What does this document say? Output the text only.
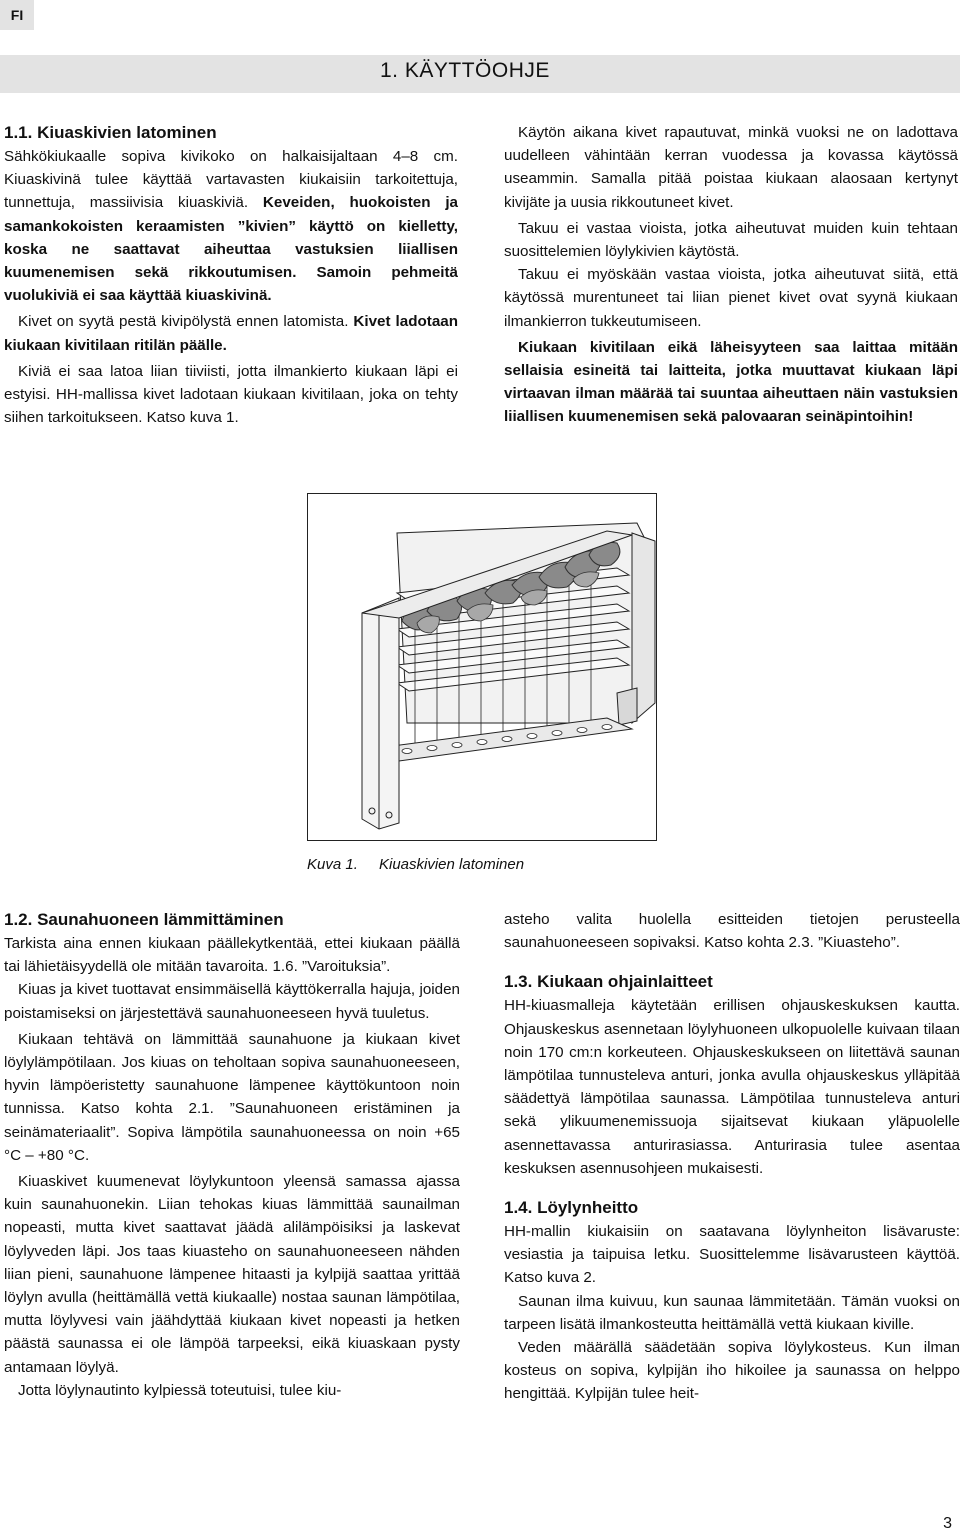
FI
1. KÄYTTÖOHJE
1.1. Kiuaskivien latominen

Sähkökiukaalle sopiva kivikoko on halkaisijaltaan 4–8 cm. Kiuaskivinä tulee käyttää vartavasten kiukaisiin tarkoitettuja, tunnettuja, massiivisia kiuaskiviä. Keveiden, huokoisten ja samankokoisten keraamisten ”kivien” käyttö on kielletty, koska ne saattavat aiheuttaa vastuksien liiallisen kuumenemisen sekä rikkoutumisen. Samoin pehmeitä vuolukiviä ei saa käyttää kiuaskivinä.

Kivet on syytä pestä kivipölystä ennen latomista. Kivet ladotaan kiukaan kivitilaan ritilän päälle.

Kiviä ei saa latoa liian tiiviisti, jotta ilmankierto kiukaan läpi ei estyisi. HH-mallissa kivet ladotaan kiukaan kivitilaan, joka on tehty siihen tarkoitukseen. Katso kuva 1.

Käytön aikana kivet rapautuvat, minkä vuoksi ne on ladottava uudelleen vähintään kerran vuodessa ja kovassa käytössä useammin. Samalla pitää poistaa kiukaan alaosaan kertynyt kivijäte ja uusia rikkoutuneet kivet.

Takuu ei vastaa vioista, jotka aiheutuvat muiden kuin tehtaan suosittelemien löylykivien käytöstä.

Takuu ei myöskään vastaa vioista, jotka aiheutuvat siitä, että käytössä murentuneet tai liian pienet kivet ovat syynä kiukaan ilmankierron tukkeutumiseen.

Kiukaan kivitilaan eikä läheisyyteen saa laittaa mitään sellaisia esineitä tai laitteita, jotka muuttavat kiukaan läpi virtaavan ilman määrää tai suuntaa aiheuttaen näin vastuksien liiallisen kuumenemisen sekä palovaaran seinäpintoihin!

Kuva 1. Kiuaskivien latominen
1.2. Saunahuoneen lämmittäminen

Tarkista aina ennen kiukaan päällekytkentää, ettei kiukaan päällä tai lähietäisyydellä ole mitään tavaroita. 1.6. ”Varoituksia”.

Kiuas ja kivet tuottavat ensimmäisellä käyttökerralla hajuja, joiden poistamiseksi on järjestettävä saunahuoneeseen hyvä tuuletus.

Kiukaan tehtävä on lämmittää saunahuone ja kiukaan kivet löylylämpötilaan. Jos kiuas on teholtaan sopiva saunahuoneeseen, hyvin lämpöeristetty saunahuone lämpenee käyttökuntoon noin tunnissa. Katso kohta 2.1. ”Saunahuoneen eristäminen ja seinämateriaalit”. Sopiva lämpötila saunahuoneessa on noin +65 °C – +80 °C.

Kiuaskivet kuumenevat löylykuntoon yleensä samassa ajassa kuin saunahuonekin. Liian tehokas kiuas lämmittää saunailman nopeasti, mutta kivet saattavat jäädä alilämpöisiksi ja laskevat löylyveden läpi. Jos taas kiuasteho on saunahuoneeseen nähden liian pieni, saunahuone lämpenee hitaasti ja kylpijä saattaa yrittää löylyn avulla (heittämällä vettä kiukaalle) nostaa saunan lämpötilaa, mutta löylyvesi vain jäähdyttää kiukaan kivet nopeasti ja hetken päästä saunassa ei ole lämpöä tarpeeksi, eikä kiuaskaan pysty antamaan löylyä.

Jotta löylynautinto kylpiessä toteutuisi, tulee kiu-

asteho valita huolella esitteiden tietojen perusteella saunahuoneeseen sopivaksi. Katso kohta 2.3. ”Kiuasteho”.

1.3. Kiukaan ohjainlaitteet

HH-kiuasmalleja käytetään erillisen ohjauskeskuksen kautta. Ohjauskeskus asennetaan löylyhuoneen ulkopuolelle kuivaan tilaan noin 170 cm:n korkeuteen. Ohjauskeskukseen on liitettävä saunan lämpötilaa tunnusteleva anturi, jonka avulla ohjauskeskus ylläpitää säädettyä lämpötilaa saunassa. Lämpötilaa tunnusteleva anturi sekä ylikuumenemissuoja sijaitsevat kiukaan yläpuolelle asennettavassa anturirasiassa. Anturirasia tulee asentaa keskuksen asennusohjeen mukaisesti.

1.4. Löylynheitto

HH-mallin kiukaisiin on saatavana löylynheiton lisävaruste: vesiastia ja taipuisa letku. Suosittelemme lisävarusteen käyttöä. Katso kuva 2.

Saunan ilma kuivuu, kun saunaa lämmitetään. Tämän vuoksi on tarpeen lisätä ilmankosteutta heittämällä vettä kiukaan kiville.

Veden määrällä säädetään sopiva löylykosteus. Kun ilman kosteus on sopiva, kylpijän iho hikoilee ja saunassa on helppo hengittää. Kylpijän tulee heit-

3
